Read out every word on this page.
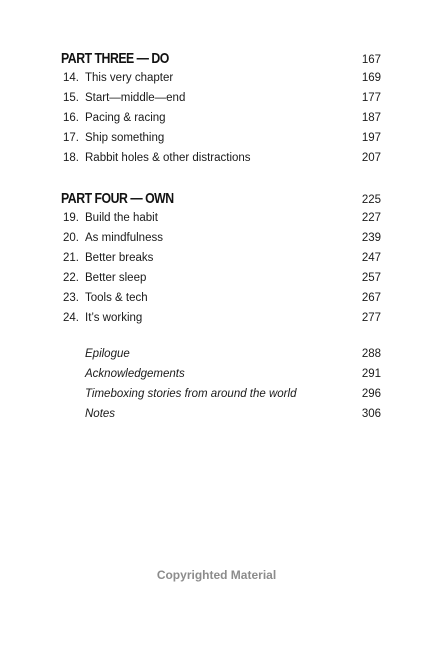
PART THREE — DO	167
14. This very chapter	169
15. Start—middle—end	177
16. Pacing & racing	187
17. Ship something	197
18. Rabbit holes & other distractions	207
PART FOUR — OWN	225
19. Build the habit	227
20. As mindfulness	239
21. Better breaks	247
22. Better sleep	257
23. Tools & tech	267
24. It’s working	277
Epilogue	288
Acknowledgements	291
Timeboxing stories from around the world	296
Notes	306
Copyrighted Material
